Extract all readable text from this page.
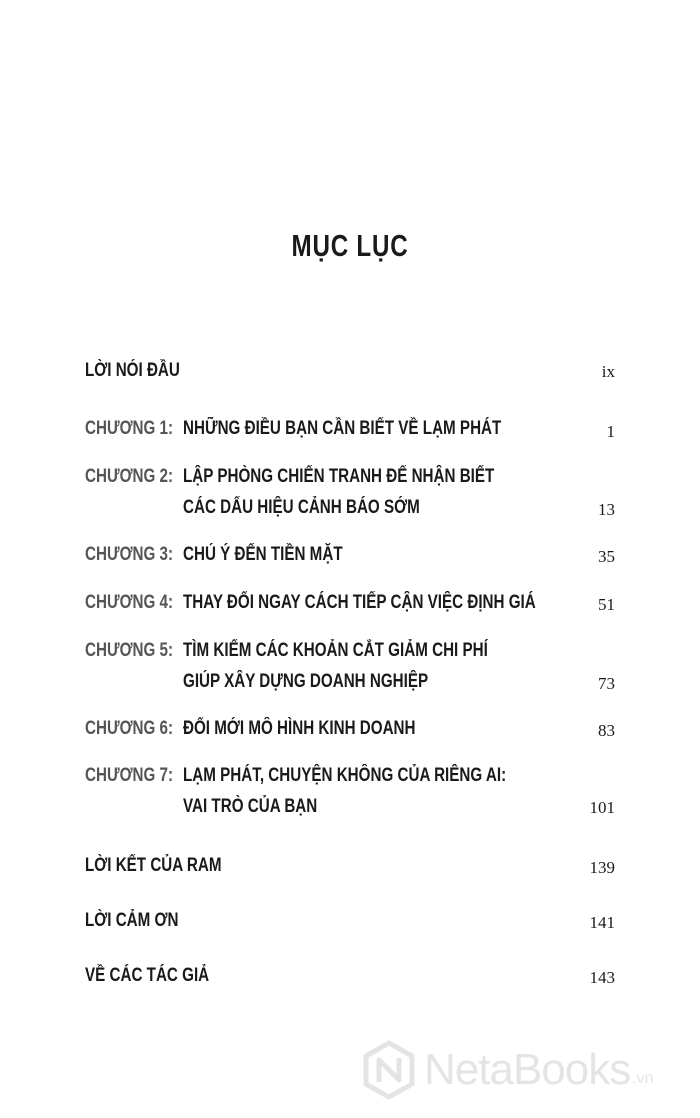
MỤC LỤC
LỜI NÓI ĐẦU	ix
CHƯƠNG 1: NHỮNG ĐIỀU BẠN CẦN BIẾT VỀ LẠM PHÁT	1
CHƯƠNG 2: LẬP PHÒNG CHIẾN TRANH ĐỂ NHẬN BIẾT
CÁC DẤU HIỆU CẢNH BÁO SỚM	13
CHƯƠNG 3: CHÚ Ý ĐẾN TIỀN MẶT	35
CHƯƠNG 4: THAY ĐỔI NGAY CÁCH TIẾP CẬN VIỆC ĐỊNH GIÁ	51
CHƯƠNG 5: TÌM KIẾM CÁC KHOẢN CẮT GIẢM CHI PHÍ
GIÚP XÂY DỰNG DOANH NGHIỆP	73
CHƯƠNG 6: ĐỔI MỚI MÔ HÌNH KINH DOANH	83
CHƯƠNG 7: LẠM PHÁT, CHUYỆN KHÔNG CỦA RIÊNG AI:
VAI TRÒ CỦA BẠN	101
LỜI KẾT CỦA RAM	139
LỜI CẢM ƠN	141
VỀ CÁC TÁC GIẢ	143
NetaBooks .vn
